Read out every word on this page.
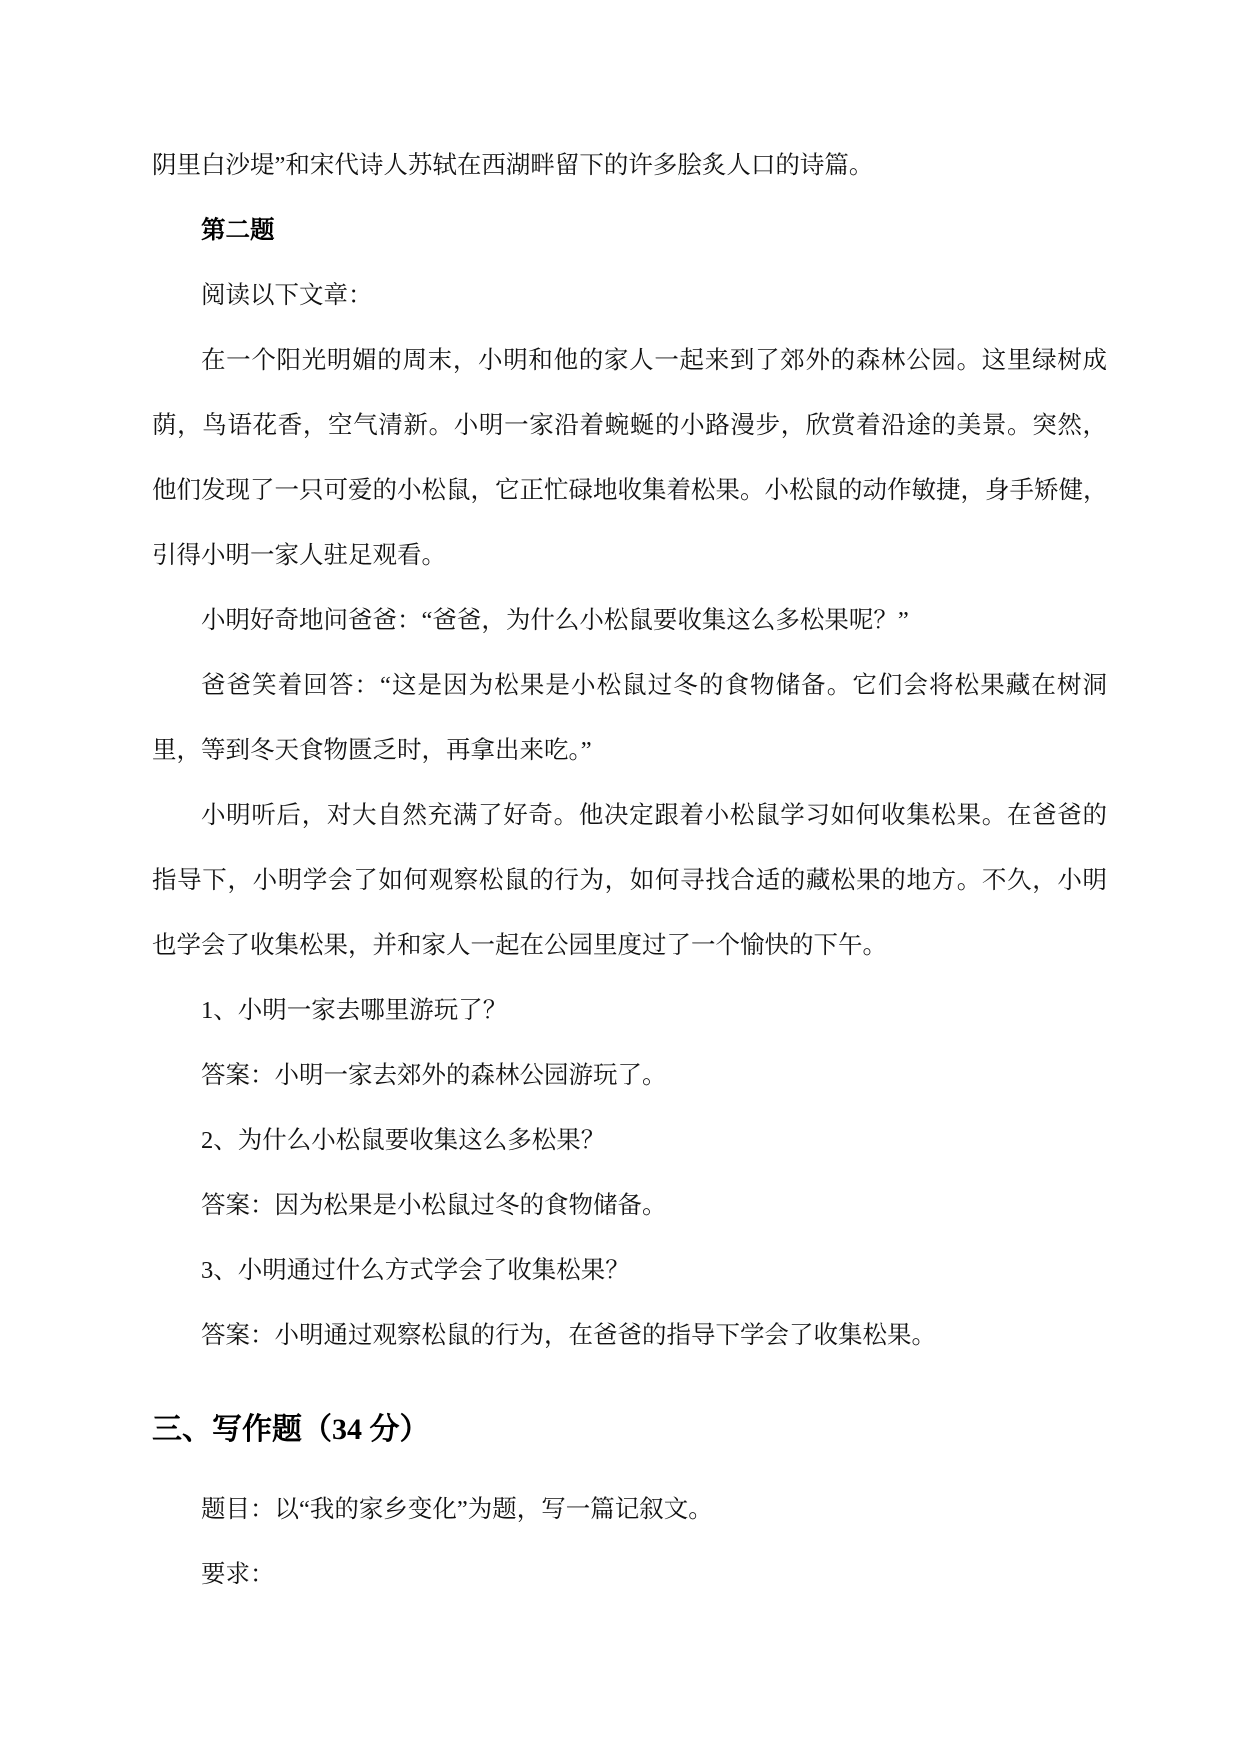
阴里白沙堤”和宋代诗人苏轼在西湖畔留下的许多脍炙人口的诗篇。
第二题
阅读以下文章：
在一个阳光明媚的周末，小明和他的家人一起来到了郊外的森林公园。这里绿树成
荫，鸟语花香，空气清新。小明一家沿着蜿蜒的小路漫步，欣赏着沿途的美景。突然，
他们发现了一只可爱的小松鼠，它正忙碌地收集着松果。小松鼠的动作敏捷，身手矫健，
引得小明一家人驻足观看。
小明好奇地问爸爸：“爸爸，为什么小松鼠要收集这么多松果呢？”
爸爸笑着回答：“这是因为松果是小松鼠过冬的食物储备。它们会将松果藏在树洞
里，等到冬天食物匮乏时，再拿出来吃。”
小明听后，对大自然充满了好奇。他决定跟着小松鼠学习如何收集松果。在爸爸的
指导下，小明学会了如何观察松鼠的行为，如何寻找合适的藏松果的地方。不久，小明
也学会了收集松果，并和家人一起在公园里度过了一个愉快的下午。
1、小明一家去哪里游玩了？
答案：小明一家去郊外的森林公园游玩了。
2、为什么小松鼠要收集这么多松果？
答案：因为松果是小松鼠过冬的食物储备。
3、小明通过什么方式学会了收集松果？
答案：小明通过观察松鼠的行为，在爸爸的指导下学会了收集松果。
三、写作题（34 分）
题目：以“我的家乡变化”为题，写一篇记叙文。
要求：
